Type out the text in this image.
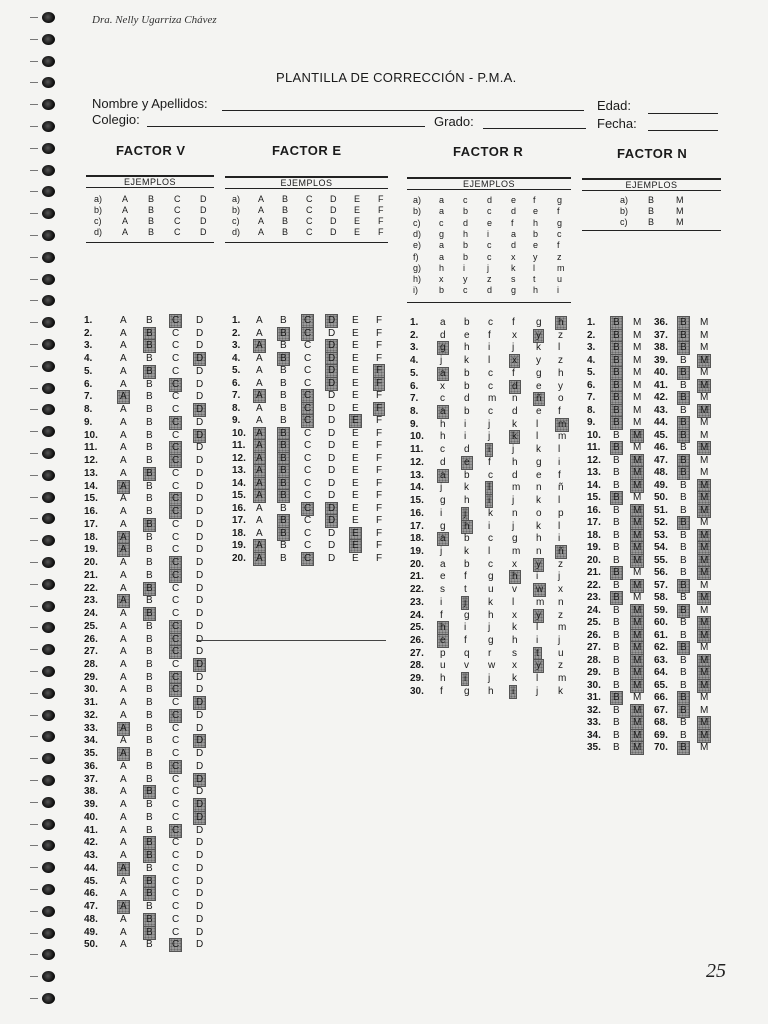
Dra. Nelly Ugarriza Chávez
PLANTILLA DE CORRECCIÓN - P.M.A.
Nombre y Apellidos:	Edad:
Colegio:	Grado:	Fecha:
FACTOR V	FACTOR E	FACTOR R	FACTOR N
EJEMPLOS	EJEMPLOS	EJEMPLOS	EJEMPLOS
a) A B C D
b) A B C D
c) A B C D
d) A B C D
a) A B C D E F
b) A B C D E F
c) A B C D E F
d) A B C D E F
a) a c d e f g
b) a b c d e f
c) c d e f h g
d) g h i a b c
e) a b c d e f
f) a b c x y z
g) h i j k l m
h) x y z s t u
i) b c d g h i
a) B M
b) B M
c) B M
1.	A B C D
2.	A B C D
3.	A B C D
4.	A B C D
5.	A B C D
6.	A B C D
7.	A B C D
8.	A B C D
9.	A B C D
10. A B C D
11. A B C D
12. A B C D
13. A B C D
14. A B C D
15. A B C D
16. A B C D
17. A B C D
18. A B C D
19. A B C D
20. A B C D
21. A B C D
22. A B C D
23. A B C D
24. A B C D
25. A B C D
26. A B C D
27. A B C D
28. A B C D
29. A B C D
30. A B C D
31. A B C D
32. A B C D
33. A B C D
34. A B C D
35. A B C D
36. A B C D
37. A B C D
38. A B C D
39. A B C D
40. A B C D
41. A B C D
42. A B C D
43. A B C D
44. A B C D
45. A B C D
46. A B C D
47. A B C D
48. A B C D
49. A B C D
50. A B C D
1. A B C D E F
2. A B C D E F
3. A B C D E F
4. A B C D E F
5. A B C D E F
6. A B C D E F
7. A B C D E F
8. A B C D E F
9. A B C D E F
10. A B C D E F
11. A B C D E F
12. A B C D E F
13. A B C D E F
14. A B C D E F
15. A B C D E F
16. A B C D E F
17. A B C D E F
18. A B C D E F
19. A B C D E F
20. A B C D E F
1. a b c f g h
2. d e f x y z
3. g h i j k l
4. j k l x y z
5. a b c f g h
6. x b c d e y
7. c d m n ñ o
8. a b c d e f
9. h i j k l m
10. h i j k l m
11. c d i j k l
12. d e f h g i
13. a b c d e f
14. j k l m n ñ
15. g h i j k l
16. i j k n o p
17. g h i j k l
18. a b c g h i
19. j k l m n ñ
20. a b c x y z
21. e f g h i j
22. s t u v w x
23. i j k l m n
24. f g h x y z
25. h i j k l m
26. e f g h i j
27. p q r s t u
28. u v w x y z
29. h i j k l m
30. f g h i j k
1. B M
2. B M
3. B M
4. B M
5. B M
6. B M
7. B M
8. B M
9. B M
10. B M
11. B M
12. B M
13. B M
14. B M
15. B M
16. B M
17. B M
18. B M
19. B M
20. B M
21. B M
22. B M
23. B M
24. B M
25. B M
26. B M
27. B M
28. B M
29. B M
30. B M
31. B M
32. B M
33. B M
34. B M
35. B M
36. B M
37. B M
38. B M
39. B M
40. B M
41. B M
42. B M
43. B M
44. B M
45. B M
46. B M
47. B M
48. B M
49. B M
50. B M
51. B M
52. B M
53. B M
54. B M
55. B M
56. B M
57. B M
58. B M
59. B M
60. B M
61. B M
62. B M
63. B M
64. B M
65. B M
66. B M
67. B M
68. B M
69. B M
70. B M
25
